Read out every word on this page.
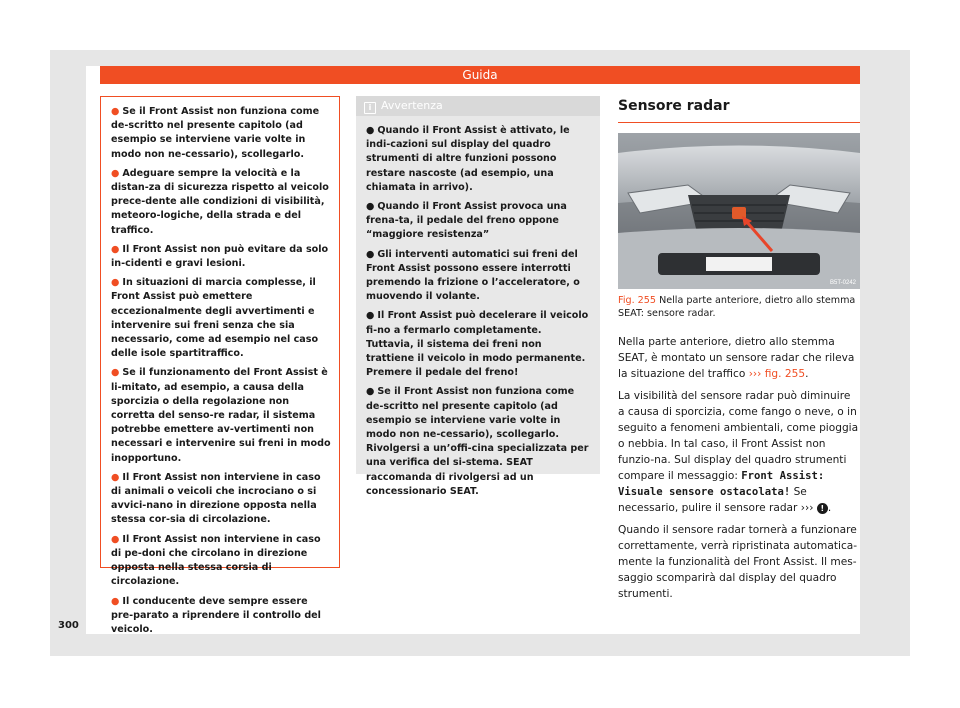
Guida
● Se il Front Assist non funziona come de-scritto nel presente capitolo (ad esempio se interviene varie volte in modo non ne-cessario), scollegarlo.
● Adeguare sempre la velocità e la distan-za di sicurezza rispetto al veicolo prece-dente alle condizioni di visibilità, meteoro-logiche, della strada e del traffico.
● Il Front Assist non può evitare da solo in-cidenti e gravi lesioni.
● In situazioni di marcia complesse, il Front Assist può emettere eccezionalmente degli avvertimenti e intervenire sui freni senza che sia necessario, come ad esempio nel caso delle isole spartitraffico.
● Se il funzionamento del Front Assist è li-mitato, ad esempio, a causa della sporcizia o della regolazione non corretta del senso-re radar, il sistema potrebbe emettere av-vertimenti non necessari e intervenire sui freni in modo inopportuno.
● Il Front Assist non interviene in caso di animali o veicoli che incrociano o si avvici-nano in direzione opposta nella stessa cor-sia di circolazione.
● Il Front Assist non interviene in caso di pe-doni che circolano in direzione opposta nella stessa corsia di circolazione.
● Il conducente deve sempre essere pre-parato a riprendere il controllo del veicolo.
i Avvertenza
● Quando il Front Assist è attivato, le indi-cazioni sul display del quadro strumenti di altre funzioni possono restare nascoste (ad esempio, una chiamata in arrivo).
● Quando il Front Assist provoca una frena-ta, il pedale del freno oppone “maggiore resistenza”
● Gli interventi automatici sui freni del Front Assist possono essere interrotti premendo la frizione o l’acceleratore, o muovendo il volante.
● Il Front Assist può decelerare il veicolo fi-no a fermarlo completamente. Tuttavia, il sistema dei freni non trattiene il veicolo in modo permanente. Premere il pedale del freno!
● Se il Front Assist non funziona come de-scritto nel presente capitolo (ad esempio se interviene varie volte in modo non ne-cessario), scollegarlo. Rivolgersi a un’offi-cina specializzata per una verifica del si-stema. SEAT raccomanda di rivolgersi ad un concessionario SEAT.
Sensore radar
B5T-0242
Fig. 255 Nella parte anteriore, dietro allo stemma SEAT: sensore radar.

Nella parte anteriore, dietro allo stemma SEAT, è montato un sensore radar che rileva la situazione del traffico ››› fig. 255.

La visibilità del sensore radar può diminuire a causa di sporcizia, come fango o neve, o in seguito a fenomeni ambientali, come pioggia o nebbia. In tal caso, il Front Assist non funzio-na. Sul display del quadro strumenti compare il messaggio: Front Assist: Visuale sensore ostacolata! Se necessario, pulire il sensore radar ››› ! .

Quando il sensore radar tornerà a funzionare correttamente, verrà ripristinata automatica-mente la funzionalità del Front Assist. Il mes-saggio scomparirà dal display del quadro strumenti.

300
